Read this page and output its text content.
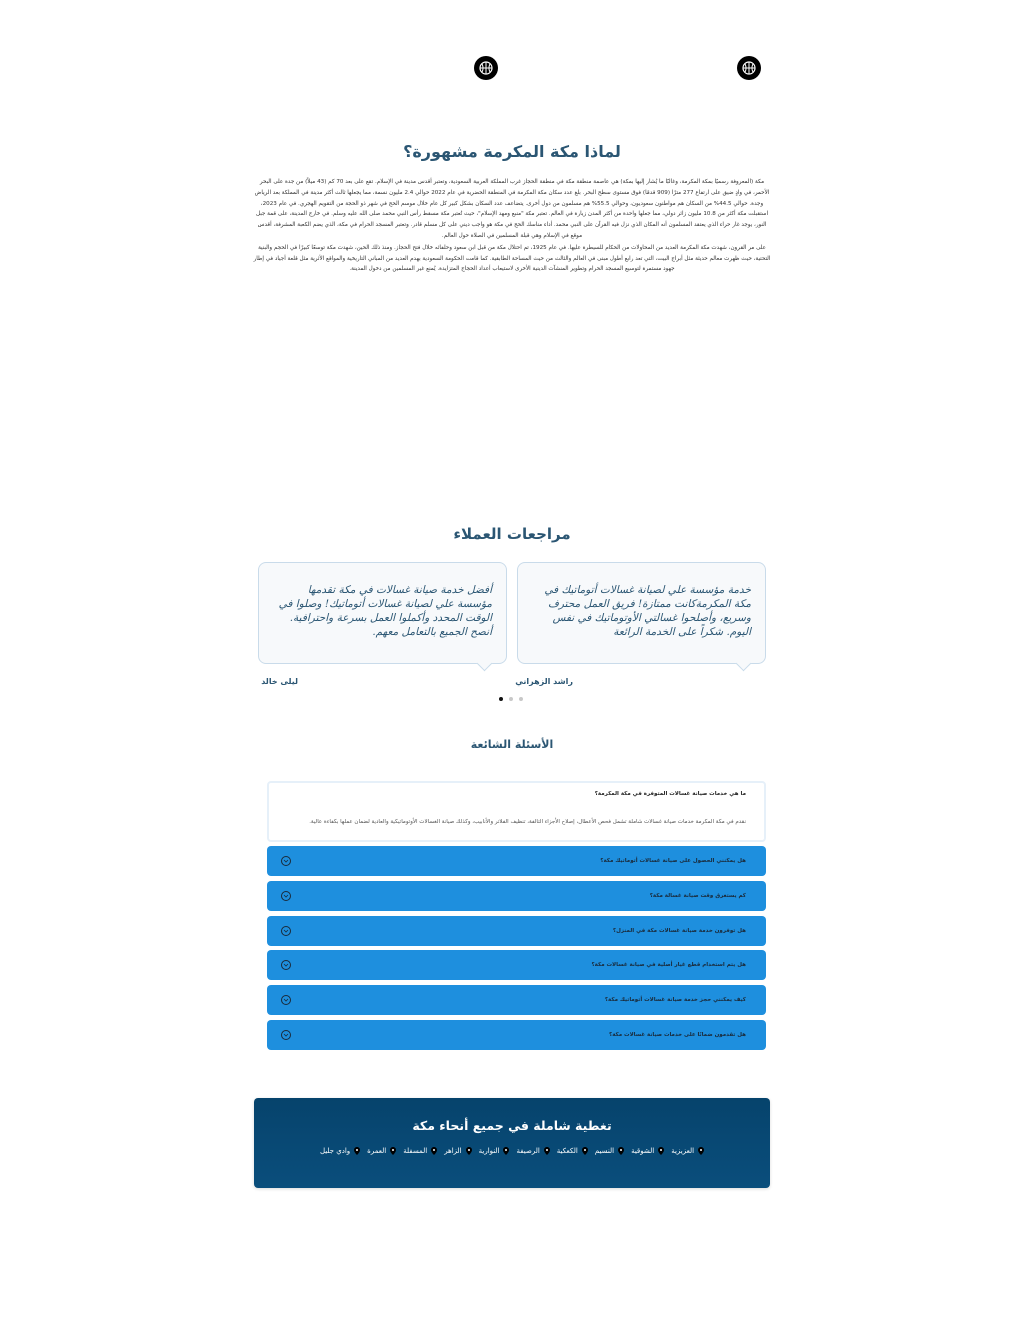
لماذا مكة المكرمة مشهورة؟

مكة (المعروفة رسميًا بمكة المكرمة، وغالبًا ما يُشار إليها بمكة) هي عاصمة منطقة مكة في منطقة الحجاز غرب المملكة العربية السعودية، وتعتبر أقدس مدينة في الإسلام. تقع على بعد 70 كم (43 ميلاً) من جدة على البحر الأحمر، في وادٍ ضيق على ارتفاع 277 مترًا (909 قدمًا) فوق مستوى سطح البحر. بلغ عدد سكان مكة المكرمة في المنطقة الحضرية في عام 2022 حوالي 2.4 مليون نسمة، مما يجعلها ثالث أكثر مدينة في المملكة بعد الرياض وجدة. حوالي 44.5% من السكان هم مواطنون سعوديون، وحوالي 55.5% هم مسلمون من دول أخرى. يتضاعف عدد السكان بشكل كبير كل عام خلال موسم الحج في شهر ذو الحجة من التقويم الهجري. في عام 2023، استقبلت مكة أكثر من 10.8 مليون زائر دولي، مما جعلها واحدة من أكثر المدن زيارة في العالم. تعتبر مكة "منبع ومهد الإسلام"، حيث تُعتبر مكة مسقط رأس النبي محمد صلى الله عليه وسلم. في خارج المدينة، على قمة جبل النور، يوجد غار حراء الذي يعتقد المسلمون أنه المكان الذي نزل فيه القرآن على النبي محمد. أداء مناسك الحج في مكة هو واجب ديني على كل مسلم قادر. وتعتبر المسجد الحرام في مكة، الذي يضم الكعبة المشرفة، أقدس موقع في الإسلام وهي قبلة المسلمين في الصلاة حول العالم.

على مر القرون، شهدت مكة المكرمة العديد من المحاولات من الحكام للسيطرة عليها. في عام 1925، تم احتلال مكة من قبل ابن سعود وحلفائه خلال فتح الحجاز. ومنذ ذلك الحين، شهدت مكة توسعًا كبيرًا في الحجم والبنية التحتية، حيث ظهرت معالم حديثة مثل أبراج البيت، التي تعد رابع أطول مبنى في العالم والثالث من حيث المساحة الطابقية. كما قامت الحكومة السعودية بهدم العديد من المباني التاريخية والمواقع الأثرية مثل قلعة أجياد في إطار جهود مستمرة لتوسيع المسجد الحرام وتطوير المنشآت الدينية الأخرى لاستيعاب أعداد الحجاج المتزايدة. يُمنع غير المسلمين من دخول المدينة.

مراجعات العملاء

خدمة مؤسسة علي لصيانة غسالات أتوماتيك في مكة المكرمةكانت ممتازة! فريق العمل محترف وسريع، وأصلحوا غسالتي الأوتوماتيك في نفس اليوم. شكراً على الخدمة الرائعة

أفضل خدمة صيانة غسالات في مكة تقدمها مؤسسة علي لصيانة غسالات أتوماتيك! وصلوا في الوقت المحدد وأكملوا العمل بسرعة واحترافية. أنصح الجميع بالتعامل معهم.

راشد الزهراني
ليلى خالد
الأسئلة الشائعة

ما هي خدمات صيانة غسالات المتوفرة في مكة المكرمة؟

نقدم في مكة المكرمة خدمات صيانة غسالات شاملة تشمل فحص الأعطال، إصلاح الأجزاء التالفة، تنظيف الفلاتر والأنابيب، وكذلك صيانة الغسالات الأوتوماتيكية والعادية لضمان عملها بكفاءة عالية.

هل يمكنني الحصول على صيانة غسالات أتوماتيك مكة؟
كم يستغرق وقت صيانة غسالة مكة؟
هل توفرون خدمة صيانة غسالات مكة في المنزل؟
هل يتم استخدام قطع غيار أصلية في صيانة غسالات مكة؟
كيف يمكنني حجز خدمة صيانة غسالات أتوماتيك مكة؟
هل تقدمون ضمانًا على خدمات صيانة غسالات مكة؟
تغطية شاملة في جميع أنحاء مكة
العزيزية
الشوقية
النسيم
الكعكية
الرصيفة
النوارية
الزاهر
المسفلة
العمرة
وادي جليل
